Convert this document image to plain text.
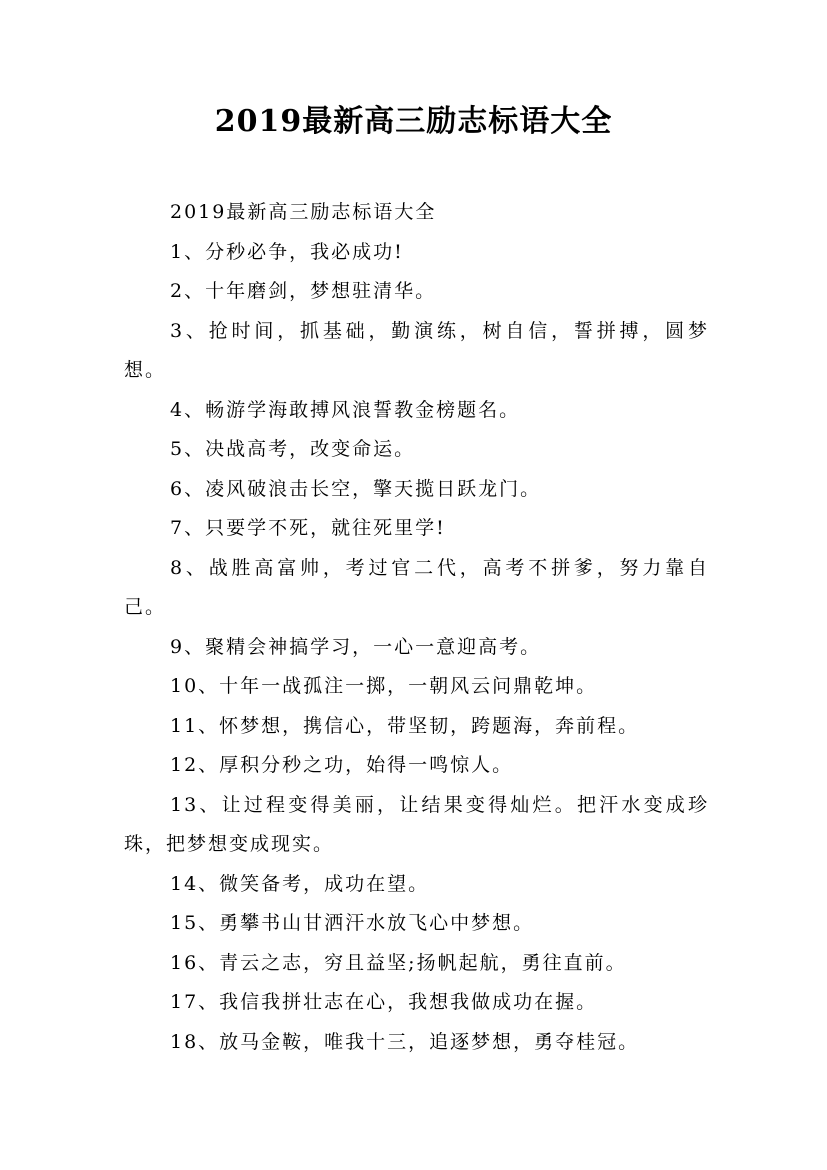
2019最新高三励志标语大全

2019最新高三励志标语大全

1、分秒必争，我必成功!

2、十年磨剑，梦想驻清华。

3、抢时间，抓基础，勤演练，树自信，誓拼搏，圆梦想。

4、畅游学海敢搏风浪誓教金榜题名。

5、决战高考，改变命运。

6、凌风破浪击长空，擎天揽日跃龙门。

7、只要学不死，就往死里学!

8、战胜高富帅，考过官二代，高考不拼爹，努力靠自己。

9、聚精会神搞学习，一心一意迎高考。

10、十年一战孤注一掷，一朝风云问鼎乾坤。

11、怀梦想，携信心，带坚韧，跨题海，奔前程。

12、厚积分秒之功，始得一鸣惊人。

13、让过程变得美丽，让结果变得灿烂。把汗水变成珍珠，把梦想变成现实。

14、微笑备考，成功在望。

15、勇攀书山甘洒汗水放飞心中梦想。

16、青云之志，穷且益坚;扬帆起航，勇往直前。

17、我信我拼壮志在心，我想我做成功在握。

18、放马金鞍，唯我十三，追逐梦想，勇夺桂冠。
